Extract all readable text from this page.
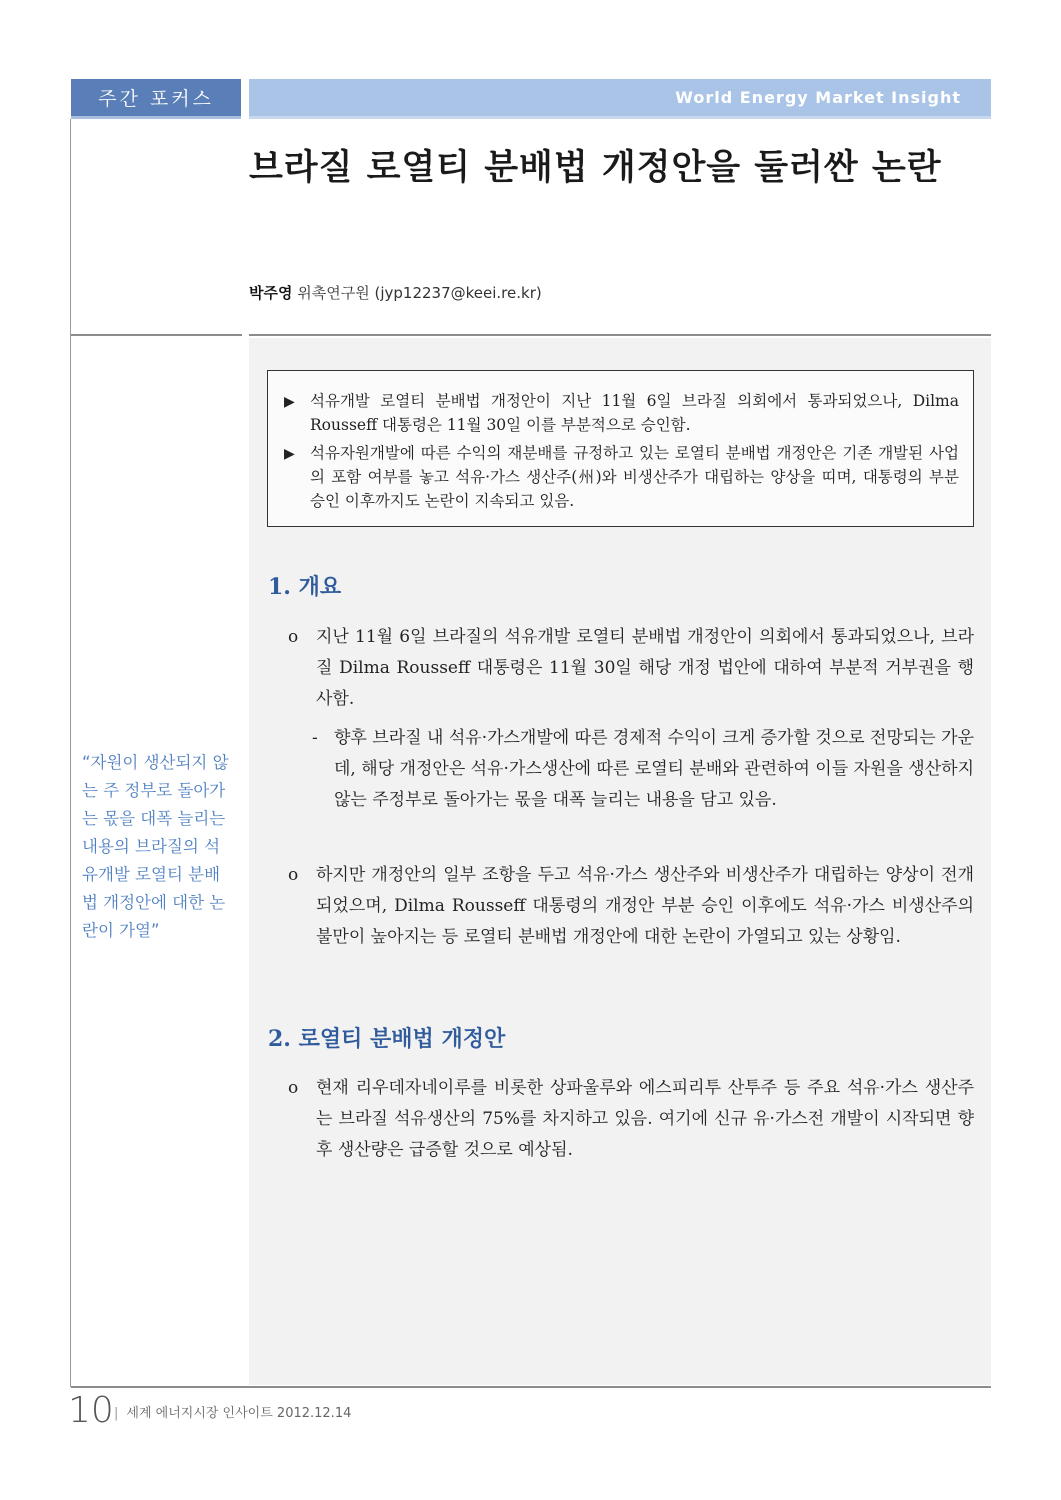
주간 포커스	World Energy Market Insight
브라질 로열티 분배법 개정안을 둘러싼 논란
박주영 위촉연구원 (jyp12237@keei.re.kr)
▶ 석유개발 로열티 분배법 개정안이 지난 11월 6일 브라질 의회에서 통과되었으나, Dilma Rousseff 대통령은 11월 30일 이를 부분적으로 승인함.
▶ 석유자원개발에 따른 수익의 재분배를 규정하고 있는 로열티 분배법 개정안은 기존 개발된 사업의 포함 여부를 놓고 석유·가스 생산주(州)와 비생산주가 대립하는 양상을 띠며, 대통령의 부분 승인 이후까지도 논란이 지속되고 있음.
1. 개요
ο	지난 11월 6일 브라질의 석유개발 로열티 분배법 개정안이 의회에서 통과되었으나, 브라질 Dilma Rousseff 대통령은 11월 30일 해당 개정 법안에 대하여 부분적 거부권을 행사함.
- 향후 브라질 내 석유·가스개발에 따른 경제적 수익이 크게 증가할 것으로 전망되는 가운데, 해당 개정안은 석유·가스생산에 따른 로열티 분배와 관련하여 이들 자원을 생산하지 않는 주정부로 돌아가는 몫을 대폭 늘리는 내용을 담고 있음.
ο	하지만 개정안의 일부 조항을 두고 석유·가스 생산주와 비생산주가 대립하는 양상이 전개되었으며, Dilma Rousseff 대통령의 개정안 부분 승인 이후에도 석유·가스 비생산주의 불만이 높아지는 등 로열티 분배법 개정안에 대한 논란이 가열되고 있는 상황임.
2. 로열티 분배법 개정안
ο	현재 리우데자네이루를 비롯한 상파울루와 에스피리투 산투주 등 주요 석유·가스 생산주는 브라질 석유생산의 75%를 차지하고 있음. 여기에 신규 유·가스전 개발이 시작되면 향후 생산량은 급증할 것으로 예상됨.
“자원이 생산되지 않는 주 정부로 돌아가는 몫을 대폭 늘리는 내용의 브라질의 석유개발 로열티 분배법 개정안에 대한 논란이 가열”
10 | 세계 에너지시장 인사이트 2012.12.14
